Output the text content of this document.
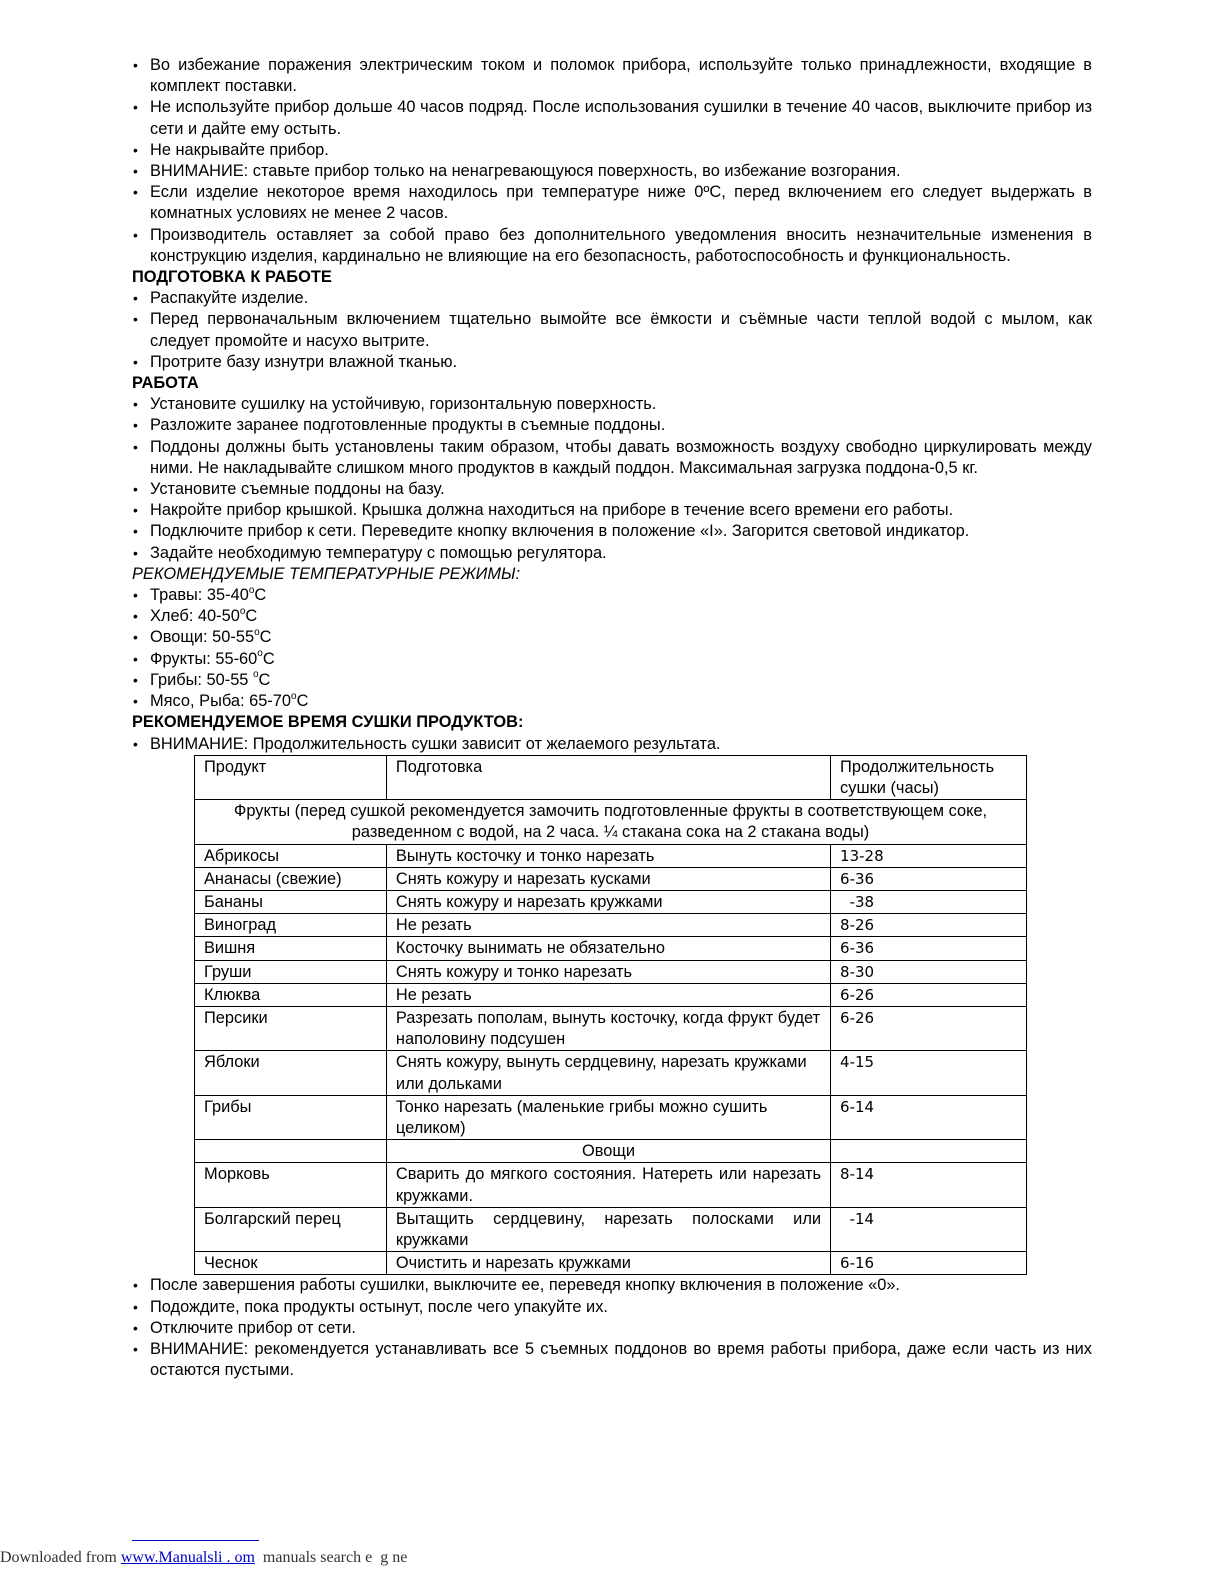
• Во избежание поражения электрическим током и поломок прибора, используйте только принадлежности, входящие в комплект поставки.
• Не используйте прибор дольше 40 часов подряд. После использования сушилки в течение 40 часов, выключите прибор из сети и дайте ему остыть.
• Не накрывайте прибор.
• ВНИМАНИЕ: ставьте прибор только на ненагревающуюся поверхность, во избежание возгорания.
• Если изделие некоторое время находилось при температуре ниже 0ºС, перед включением его следует выдержать в комнатных условиях не менее 2 часов.
• Производитель оставляет за собой право без дополнительного уведомления вносить незначительные изменения в конструкцию изделия, кардинально не влияющие на его безопасность, работоспособность и функциональность.
ПОДГОТОВКА К РАБОТЕ
• Распакуйте изделие.
• Перед первоначальным включением тщательно вымойте все ёмкости и съёмные части теплой водой с мылом, как следует промойте и насухо вытрите.
• Протрите базу изнутри влажной тканью.
РАБОТА
• Установите сушилку на устойчивую, горизонтальную поверхность.
• Разложите заранее подготовленные продукты в съемные поддоны.
• Поддоны должны быть установлены таким образом, чтобы давать возможность воздуху свободно циркулировать между ними. Не накладывайте слишком много продуктов в каждый поддон. Максимальная загрузка поддона-0,5 кг.
• Установите съемные поддоны на базу.
• Накройте прибор крышкой. Крышка должна находиться на приборе в течение всего времени его работы.
• Подключите прибор к сети. Переведите кнопку включения в положение «I». Загорится световой индикатор.
• Задайте необходимую температуру с помощью регулятора.
РЕКОМЕНДУЕМЫЕ ТЕМПЕРАТУРНЫЕ РЕЖИМЫ:
• Травы: $35-40^оС$
• Хлеб: $40-50^оС$
• Овощи: $50-55^оС$
• Фрукты: $55-60^оС$
• Грибы: 50-55 $^о$С
• Мясо, Рыба: $65-70^оС$
РЕКОМЕНДУЕМОЕ ВРЕМЯ СУШКИ ПРОДУКТОВ:
• ВНИМАНИЕ: Продолжительность сушки зависит от желаемого результата.
Продукт	Подготовка	Продолжительность сушки (часы)
Фрукты (перед сушкой рекомендуется замочить подготовленные фрукты в соответствующем соке, разведенном с водой, на 2 часа. ¼ стакана сока на 2 стакана воды)		
Абрикосы	Вынуть косточку и тонко нарезать	13-28
Ананасы (свежие)	Снять кожуру и нарезать кусками	6-36
Бананы	Снять кожуру и нарезать кружками	-38
Виноград	Не резать	8-26
Вишня	Косточку вынимать не обязательно	6-36
Груши	Снять кожуру и тонко нарезать	8-30
Клюква	Не резать	6-26
Персики	Разрезать пополам, вынуть косточку, когда фрукт будет наполовину подсушен	6-26
Яблоки	Снять кожуру, вынуть сердцевину, нарезать кружками или дольками	4-15
Грибы	Тонко нарезать (маленькие грибы можно сушить целиком)	6-14
	Овощи	
Морковь	Сварить до мягкого состояния. Натереть или нарезать кружками.	8-14
Болгарский перец	Вытащить сердцевину, нарезать полосками или кружками	-14
Чеснок	Очистить и нарезать кружками	6-16
• После завершения работы сушилки, выключите ее, переведя кнопку включения в положение «0».
• Подождите, пока продукты остынут, после чего упакуйте их.
• Отключите прибор от сети.
• ВНИМАНИЕ: рекомендуется устанавливать все 5 съемных поддонов во время работы прибора, даже если часть из них остаются пустыми.
Downloaded from www.Manualsli . om  manuals search e  g ne
